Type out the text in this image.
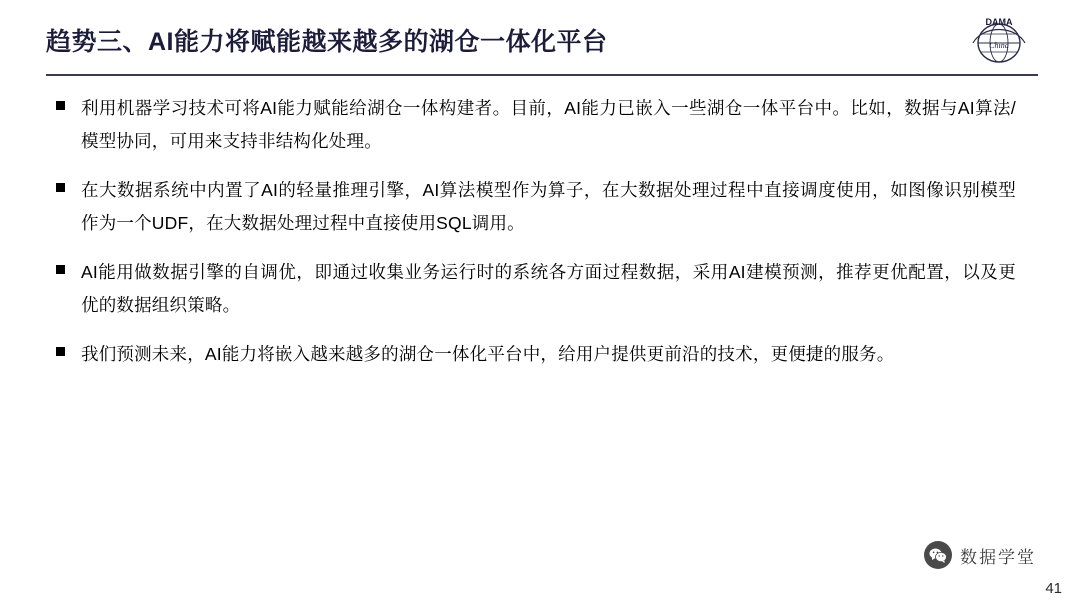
趋势三、AI能力将赋能越来越多的湖仓一体化平台
DAMA
China
利用机器学习技术可将AI能力赋能给湖仓一体构建者。目前，AI能力已嵌入一些湖仓一体平台中。比如，数据与AI算法/模型协同，可用来支持非结构化处理。
在大数据系统中内置了AI的轻量推理引擎，AI算法模型作为算子，在大数据处理过程中直接调度使用，如图像识别模型作为一个UDF，在大数据处理过程中直接使用SQL调用。
AI能用做数据引擎的自调优，即通过收集业务运行时的系统各方面过程数据，采用AI建模预测，推荐更优配置，以及更优的数据组织策略。
我们预测未来，AI能力将嵌入越来越多的湖仓一体化平台中，给用户提供更前沿的技术，更便捷的服务。
数据学堂
41
